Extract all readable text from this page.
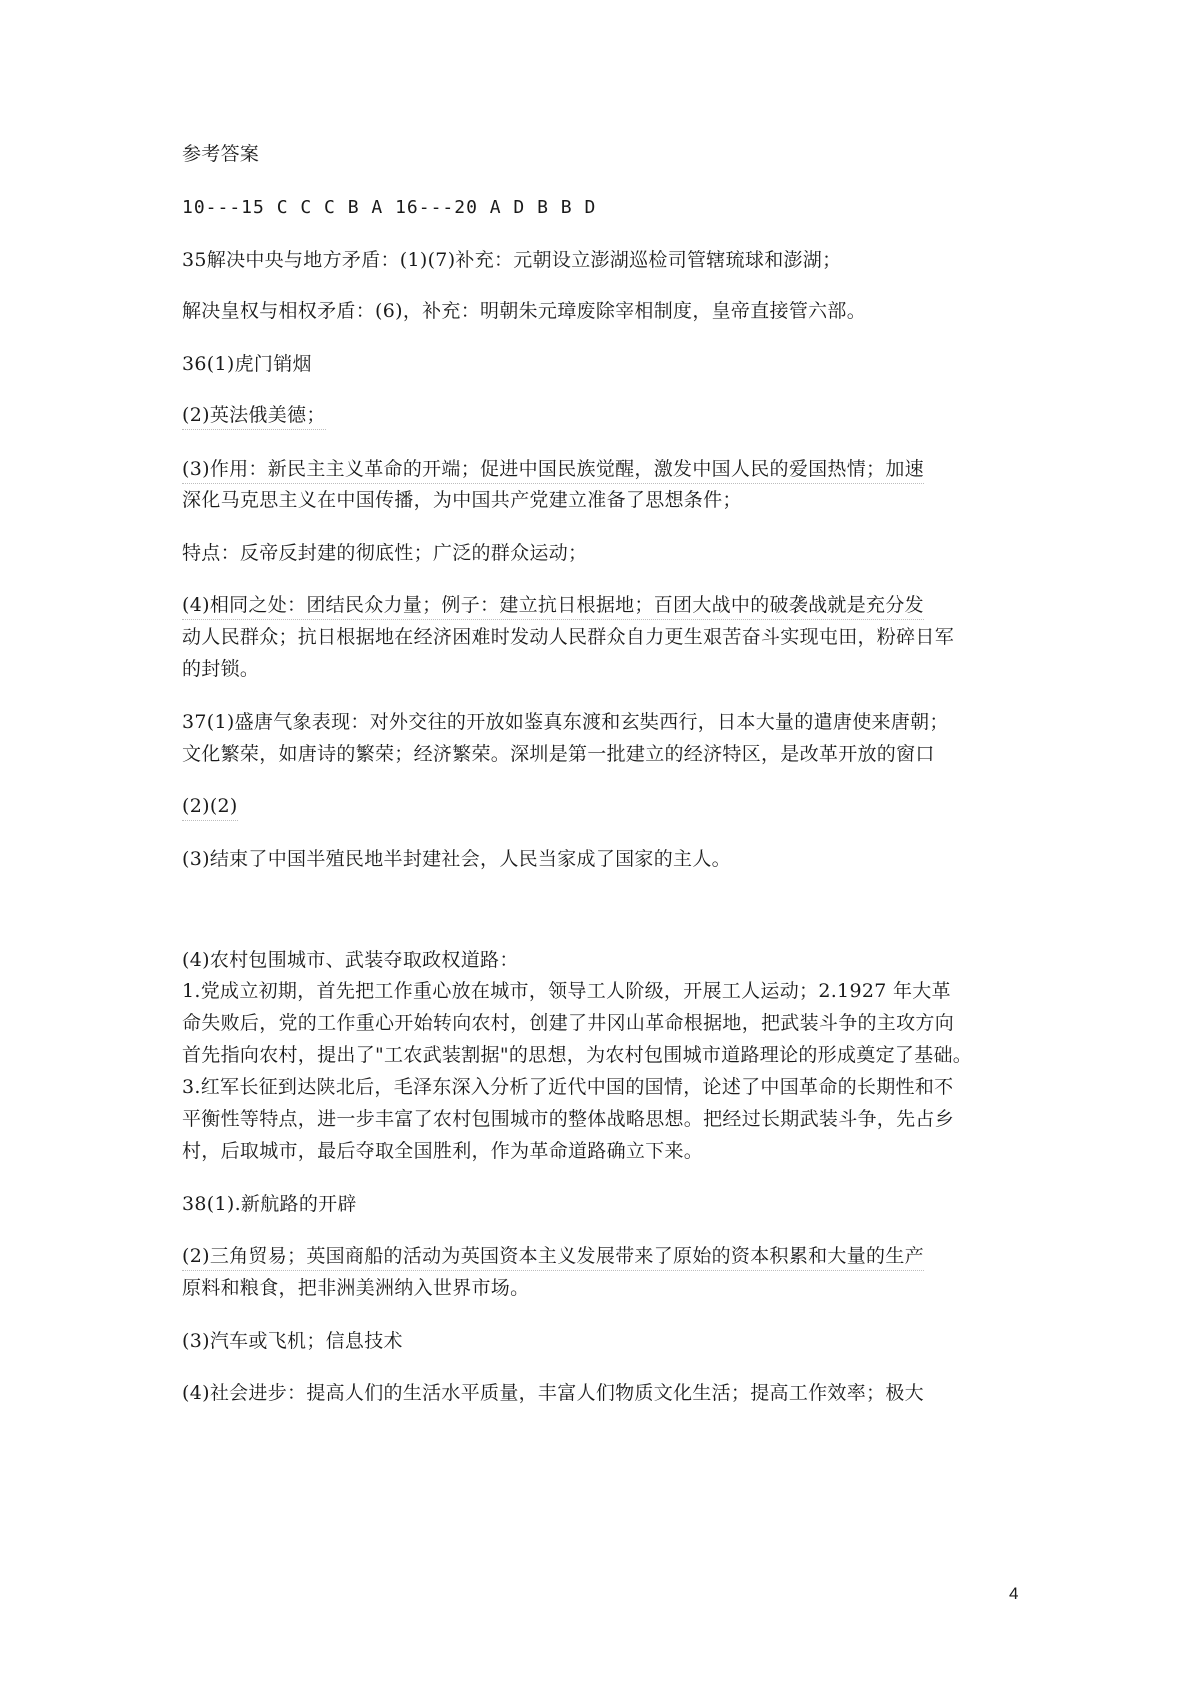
参考答案
10---15 C C C B A 16---20 A D B B D
35解决中央与地方矛盾：(1)(7)补充：元朝设立澎湖巡检司管辖琉球和澎湖；
解决皇权与相权矛盾：(6)，补充：明朝朱元璋废除宰相制度，皇帝直接管六部。
36(1)虎门销烟
(2)英法俄美德；
(3)作用：新民主主义革命的开端；促进中国民族觉醒，激发中国人民的爱国热情；加速
深化马克思主义在中国传播，为中国共产党建立准备了思想条件；
特点：反帝反封建的彻底性；广泛的群众运动；
(4)相同之处：团结民众力量；例子：建立抗日根据地；百团大战中的破袭战就是充分发
动人民群众；抗日根据地在经济困难时发动人民群众自力更生艰苦奋斗实现屯田，粉碎日军
的封锁。
37(1)盛唐气象表现：对外交往的开放如鉴真东渡和玄奘西行，日本大量的遣唐使来唐朝；
文化繁荣，如唐诗的繁荣；经济繁荣。深圳是第一批建立的经济特区，是改革开放的窗口
(2)(2)
(3)结束了中国半殖民地半封建社会，人民当家成了国家的主人。
(4)农村包围城市、武装夺取政权道路：
1.党成立初期，首先把工作重心放在城市，领导工人阶级，开展工人运动；2.1927 年大革
命失败后，党的工作重心开始转向农村，创建了井冈山革命根据地，把武装斗争的主攻方向
首先指向农村，提出了"工农武装割据"的思想，为农村包围城市道路理论的形成奠定了基础。
3.红军长征到达陕北后，毛泽东深入分析了近代中国的国情，论述了中国革命的长期性和不
平衡性等特点，进一步丰富了农村包围城市的整体战略思想。把经过长期武装斗争，先占乡
村，后取城市，最后夺取全国胜利，作为革命道路确立下来。
38(1).新航路的开辟
(2)三角贸易；英国商船的活动为英国资本主义发展带来了原始的资本积累和大量的生产
原料和粮食，把非洲美洲纳入世界市场。
(3)汽车或飞机；信息技术
(4)社会进步：提高人们的生活水平质量，丰富人们物质文化生活；提高工作效率；极大
4
